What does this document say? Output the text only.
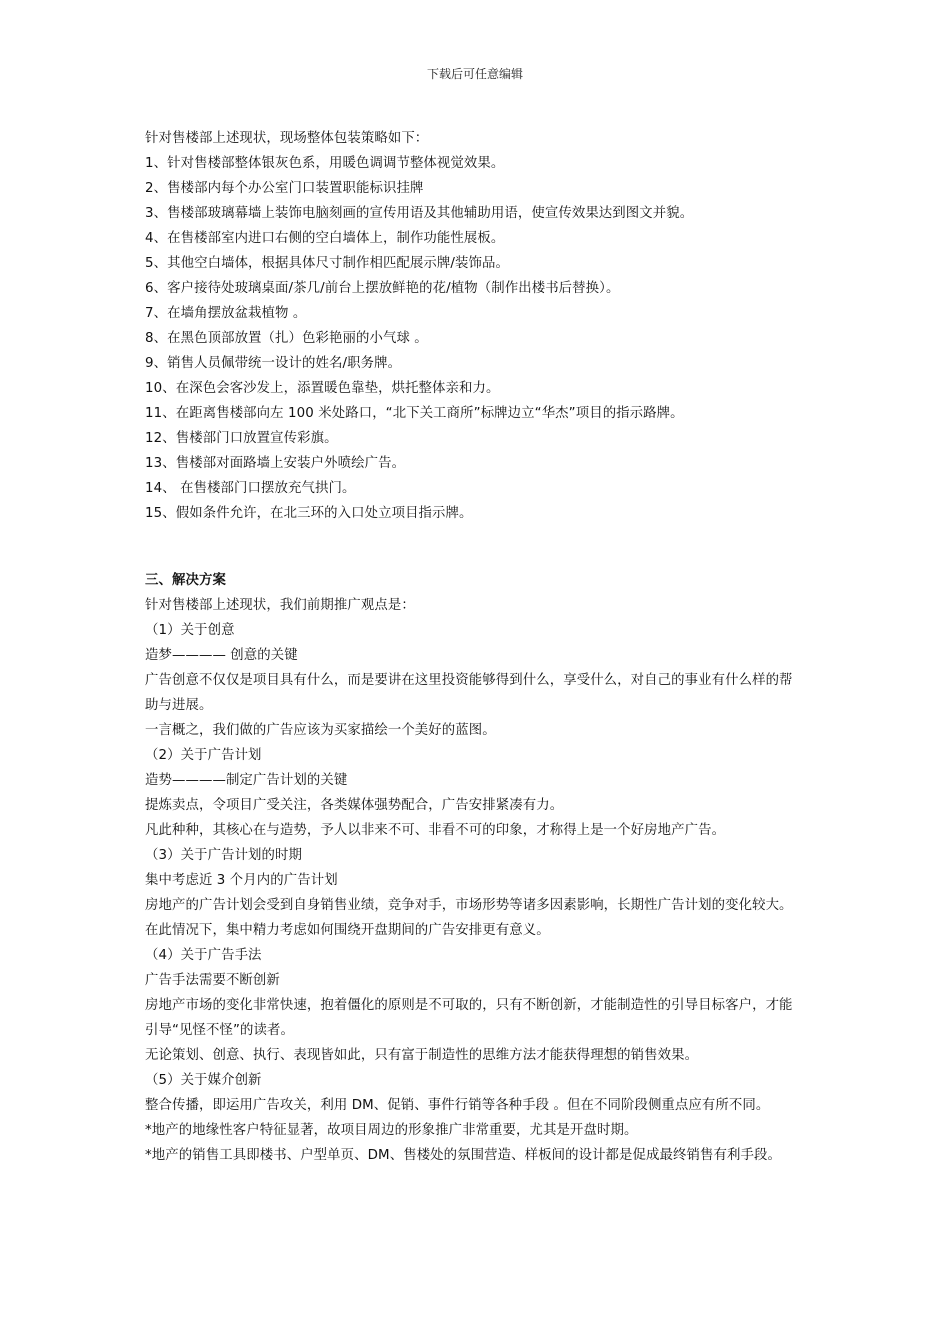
下载后可任意编辑
针对售楼部上述现状，现场整体包装策略如下：
1、针对售楼部整体银灰色系，用暖色调调节整体视觉效果。
2、售楼部内每个办公室门口装置职能标识挂牌
3、售楼部玻璃幕墙上装饰电脑刻画的宣传用语及其他辅助用语，使宣传效果达到图文并貌。
4、在售楼部室内进口右侧的空白墙体上，制作功能性展板。
5、其他空白墙体，根据具体尺寸制作相匹配展示牌/装饰品。
6、客户接待处玻璃桌面/茶几/前台上摆放鲜艳的花/植物（制作出楼书后替换）。
7、在墙角摆放盆栽植物 。
8、在黑色顶部放置（扎）色彩艳丽的小气球 。
9、销售人员佩带统一设计的姓名/职务牌。
10、在深色会客沙发上，添置暖色靠垫，烘托整体亲和力。
11、在距离售楼部向左 100 米处路口，“北下关工商所”标牌边立“华杰”项目的指示路牌。
12、售楼部门口放置宣传彩旗。
13、售楼部对面路墙上安装户外喷绘广告。
14、 在售楼部门口摆放充气拱门。
15、假如条件允许，在北三环的入口处立项目指示牌。
三、解决方案
针对售楼部上述现状，我们前期推广观点是：
（1）关于创意
造梦———— 创意的关键
广告创意不仅仅是项目具有什么，而是要讲在这里投资能够得到什么，享受什么，对自己的事业有什么样的帮助与进展。
一言概之，我们做的广告应该为买家描绘一个美好的蓝图。
（2）关于广告计划
造势————制定广告计划的关键
提炼卖点，令项目广受关注，各类媒体强势配合，广告安排紧凑有力。
凡此种种，其核心在与造势，予人以非来不可、非看不可的印象，才称得上是一个好房地产广告。
（3）关于广告计划的时期
集中考虑近 3 个月内的广告计划
房地产的广告计划会受到自身销售业绩，竞争对手，市场形势等诸多因素影响，长期性广告计划的变化较大。在此情况下，集中精力考虑如何围绕开盘期间的广告安排更有意义。
（4）关于广告手法
广告手法需要不断创新
房地产市场的变化非常快速，抱着僵化的原则是不可取的，只有不断创新，才能制造性的引导目标客户，才能引导“见怪不怪”的读者。
无论策划、创意、执行、表现皆如此，只有富于制造性的思维方法才能获得理想的销售效果。
（5）关于媒介创新
整合传播，即运用广告攻关，利用 DM、促销、事件行销等各种手段 。但在不同阶段侧重点应有所不同。
*地产的地缘性客户特征显著，故项目周边的形象推广非常重要，尤其是开盘时期。
*地产的销售工具即楼书、户型单页、DM、售楼处的氛围营造、样板间的设计都是促成最终销售有利手段。
